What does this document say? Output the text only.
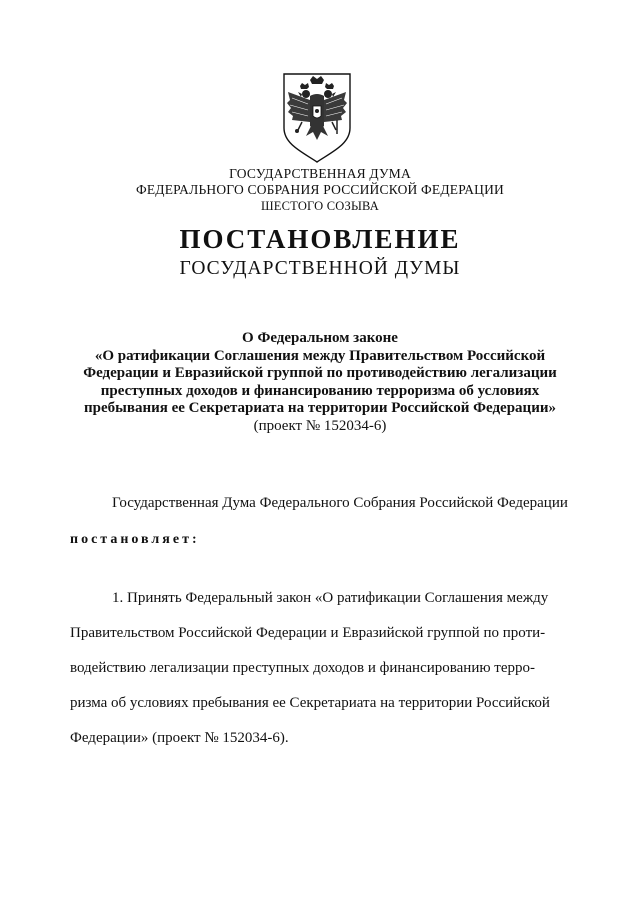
ГОСУДАРСТВЕННАЯ ДУМА
ФЕДЕРАЛЬНОГО СОБРАНИЯ РОССИЙСКОЙ ФЕДЕРАЦИИ
ШЕСТОГО СОЗЫВА
ПОСТАНОВЛЕНИЕ
ГОСУДАРСТВЕННОЙ ДУМЫ
О Федеральном законе
«О ратификации Соглашения между Правительством Российской
Федерации и Евразийской группой по противодействию легализации
преступных доходов и финансированию терроризма об условиях
пребывания ее Секретариата на территории Российской Федерации»
(проект № 152034-6)
Государственная Дума Федерального Собрания Российской Федерации
постановляет:
1. Принять Федеральный закон «О ратификации Соглашения между
Правительством Российской Федерации и Евразийской группой по проти-
водействию легализации преступных доходов и финансированию терро-
ризма об условиях пребывания ее Секретариата на территории Российской
Федерации» (проект № 152034-6).
